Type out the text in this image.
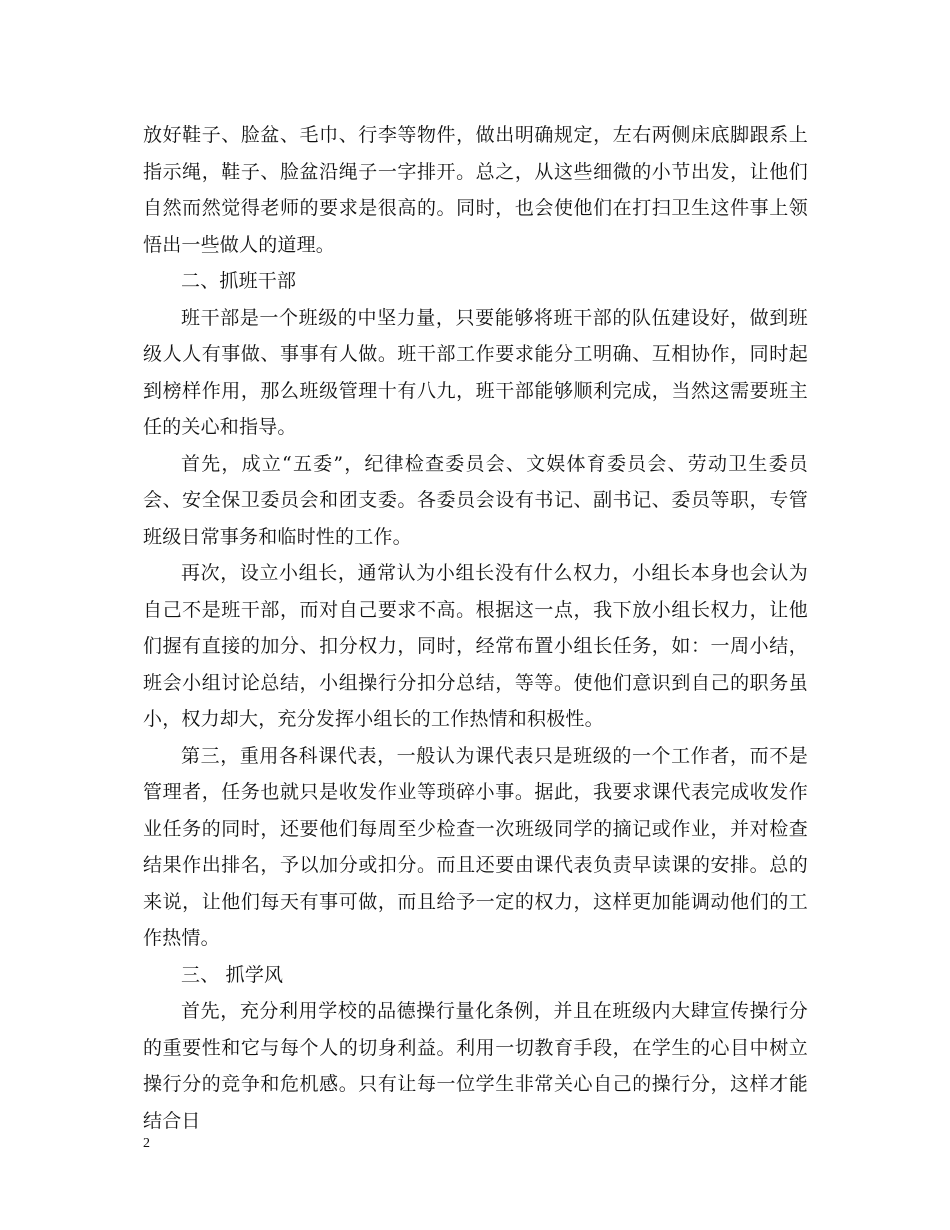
放好鞋子、脸盆、毛巾、行李等物件，做出明确规定，左右两侧床底脚跟系上指示绳，鞋子、脸盆沿绳子一字排开。总之，从这些细微的小节出发，让他们自然而然觉得老师的要求是很高的。同时，也会使他们在打扫卫生这件事上领悟出一些做人的道理。

二、抓班干部

班干部是一个班级的中坚力量，只要能够将班干部的队伍建设好，做到班级人人有事做、事事有人做。班干部工作要求能分工明确、互相协作，同时起到榜样作用，那么班级管理十有八九，班干部能够顺利完成，当然这需要班主任的关心和指导。

首先，成立“五委”，纪律检查委员会、文娱体育委员会、劳动卫生委员会、安全保卫委员会和团支委。各委员会设有书记、副书记、委员等职，专管班级日常事务和临时性的工作。

再次，设立小组长，通常认为小组长没有什么权力，小组长本身也会认为自己不是班干部，而对自己要求不高。根据这一点，我下放小组长权力，让他们握有直接的加分、扣分权力，同时，经常布置小组长任务，如：一周小结，班会小组讨论总结，小组操行分扣分总结，等等。使他们意识到自己的职务虽小，权力却大，充分发挥小组长的工作热情和积极性。

第三，重用各科课代表，一般认为课代表只是班级的一个工作者，而不是管理者，任务也就只是收发作业等琐碎小事。据此，我要求课代表完成收发作业任务的同时，还要他们每周至少检查一次班级同学的摘记或作业，并对检查结果作出排名，予以加分或扣分。而且还要由课代表负责早读课的安排。总的来说，让他们每天有事可做，而且给予一定的权力，这样更加能调动他们的工作热情。

三、 抓学风

首先，充分利用学校的品德操行量化条例，并且在班级内大肆宣传操行分的重要性和它与每个人的切身利益。利用一切教育手段，在学生的心目中树立操行分的竞争和危机感。只有让每一位学生非常关心自己的操行分，这样才能结合日

2
